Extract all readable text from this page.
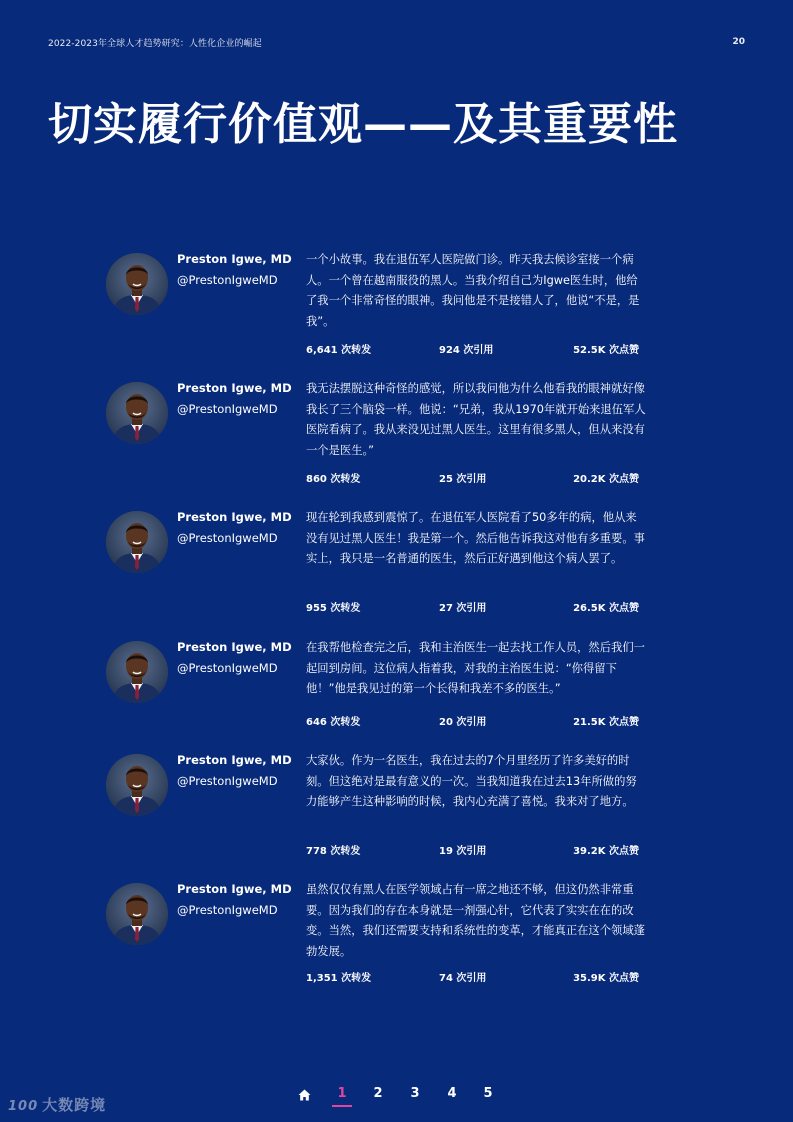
2022-2023年全球人才趋势研究：人性化企业的崛起	20
切实履行价值观——及其重要性
Preston Igwe, MD
@PrestonIgweMD
一个小故事。我在退伍军人医院做门诊。昨天我去候诊室接一个病人。一个曾在越南服役的黑人。当我介绍自己为Igwe医生时，他给了我一个非常奇怪的眼神。我问他是不是接错人了，他说“不是，是我”。
6,641 次转发	924 次引用	52.5K 次点赞
Preston Igwe, MD
@PrestonIgweMD
我无法摆脱这种奇怪的感觉，所以我问他为什么他看我的眼神就好像我长了三个脑袋一样。他说：“兄弟，我从1970年就开始来退伍军人医院看病了。我从来没见过黑人医生。这里有很多黑人，但从来没有一个是医生。”
860 次转发	25 次引用	20.2K 次点赞
Preston Igwe, MD
@PrestonIgweMD
现在轮到我感到震惊了。在退伍军人医院看了50多年的病，他从来没有见过黑人医生！我是第一个。然后他告诉我这对他有多重要。事实上，我只是一名普通的医生，然后正好遇到他这个病人罢了。
955 次转发	27 次引用	26.5K 次点赞
Preston Igwe, MD
@PrestonIgweMD
在我帮他检查完之后，我和主治医生一起去找工作人员，然后我们一起回到房间。这位病人指着我，对我的主治医生说：“你得留下他！”他是我见过的第一个长得和我差不多的医生。”
646 次转发	20 次引用	21.5K 次点赞
Preston Igwe, MD
@PrestonIgweMD
大家伙。作为一名医生，我在过去的7个月里经历了许多美好的时刻。但这绝对是最有意义的一次。当我知道我在过去13年所做的努力能够产生这种影响的时候，我内心充满了喜悦。我来对了地方。
778 次转发	19 次引用	39.2K 次点赞
Preston Igwe, MD
@PrestonIgweMD
虽然仅仅有黑人在医学领域占有一席之地还不够，但这仍然非常重要。因为我们的存在本身就是一剂强心针，它代表了实实在在的改变。当然，我们还需要支持和系统性的变革，才能真正在这个领域蓬勃发展。
1,351 次转发	74 次引用	35.9K 次点赞
1	2	3	4	5
100 大数跨境
